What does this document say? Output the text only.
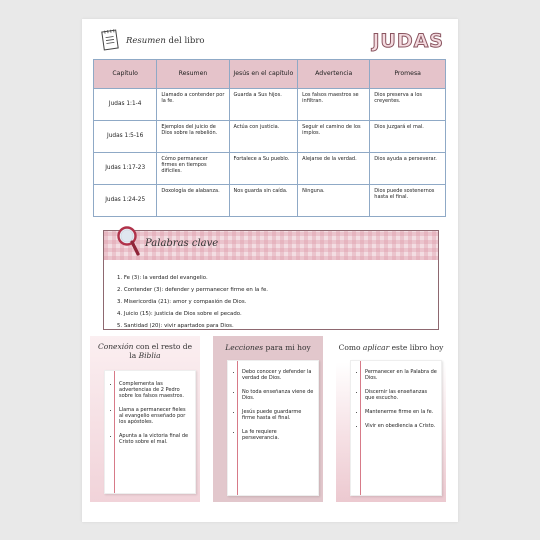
Resumen del libro	JUDAS
Capítulo	Resumen	Jesús en el capítulo	Advertencia	Promesa
Judas 1:1-4	Llamado a contender por la fe.	Guarda a Sus hijos.	Los falsos maestros se infiltran.	Dios preserva a los creyentes.
Judas 1:5-16	Ejemplos del juicio de Dios sobre la rebelión.	Actúa con justicia.	Seguir el camino de los impíos.	Dios juzgará el mal.
Judas 1:17-23	Cómo permanecer firmes en tiempos difíciles.	Fortalece a Su pueblo.	Alejarse de la verdad.	Dios ayuda a perseverar.
Judas 1:24-25	Doxología de alabanza.	Nos guarda sin caída.	Ninguna.	Dios puede sostenernos hasta el final.
Palabras clave
1. Fe (3): la verdad del evangelio.
2. Contender (3): defender y permanecer firme en la fe.
3. Misericordia (21): amor y compasión de Dios.
4. Juicio (15): justicia de Dios sobre el pecado.
5. Santidad (20): vivir apartados para Dios.
Conexión con el resto de la Biblia
• Complementa las advertencias de 2 Pedro sobre los falsos maestros.
• Llama a permanecer fieles al evangelio enseñado por los apóstoles.
• Apunta a la victoria final de Cristo sobre el mal.
Lecciones para mi hoy
• Debo conocer y defender la verdad de Dios.
• No toda enseñanza viene de Dios.
• Jesús puede guardarme firme hasta el final.
• La fe requiere perseverancia.
Como aplicar este libro hoy
• Permanecer en la Palabra de Dios.
• Discernir las enseñanzas que escucho.
• Mantenerme firme en la fe.
• Vivir en obediencia a Cristo.
